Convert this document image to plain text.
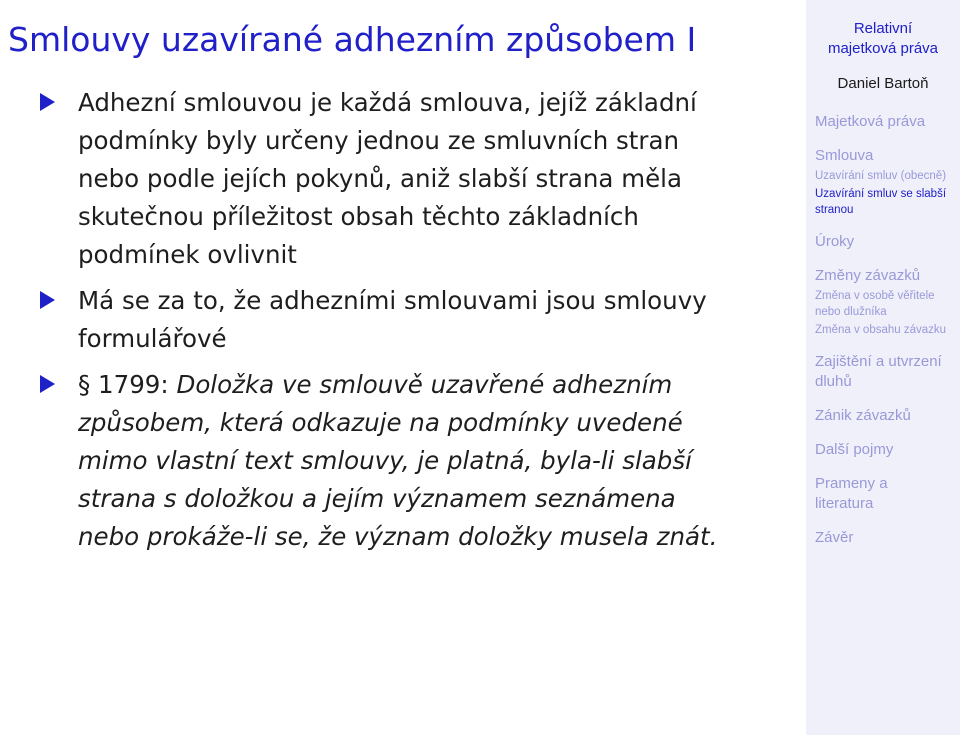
Smlouvy uzavírané adhezním způsobem I
Adhezní smlouvou je každá smlouva, jejíž základní
podmínky byly určeny jednou ze smluvních stran
nebo podle jejích pokynů, aniž slabší strana měla
skutečnou příležitost obsah těchto základních
podmínek ovlivnit
Má se za to, že adhezními smlouvami jsou smlouvy
formulářové
§ 1799: Doložka ve smlouvě uzavřené adhezním
způsobem, která odkazuje na podmínky uvedené
mimo vlastní text smlouvy, je platná, byla-li slabší
strana s doložkou a jejím významem seznámena
nebo prokáže-li se, že význam doložky musela znát.
Relativní
majetková práva
Daniel Bartoň
Majetková práva
Smlouva
Uzavírání smluv (obecně)
Uzavírání smluv se slabší
stranou
Úroky
Změny závazků
Změna v osobě věřitele
nebo dlužníka
Změna v obsahu závazku
Zajištění a utvrzení
dluhů
Zánik závazků
Další pojmy
Prameny a
literatura
Závěr
